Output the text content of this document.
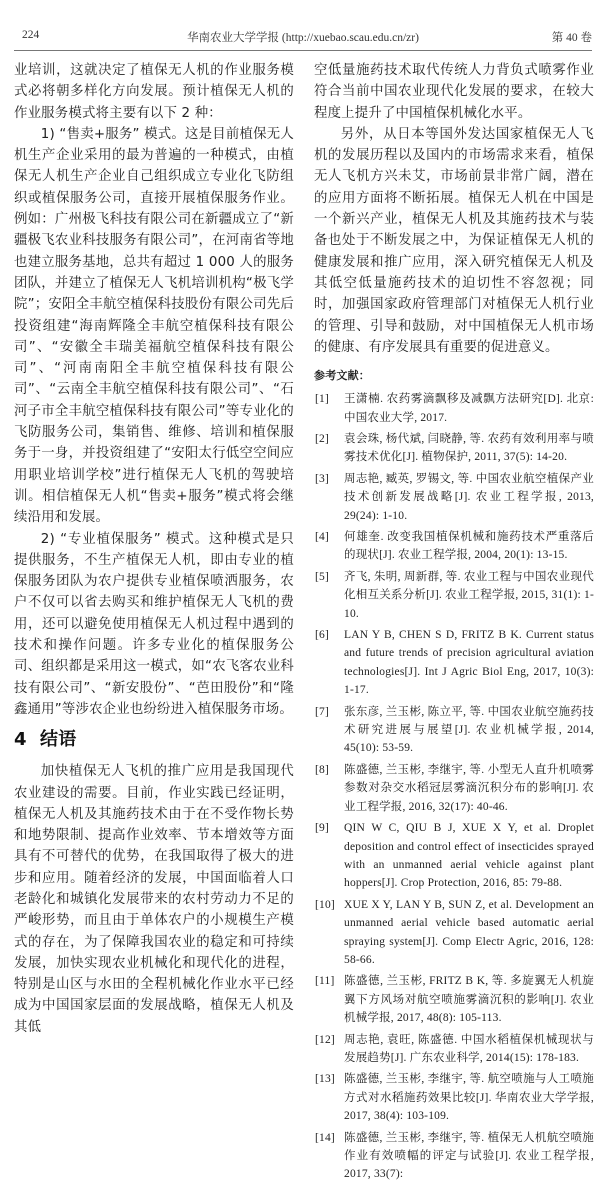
224	华南农业大学学报 (http://xuebao.scau.edu.cn/zr)	第 40 卷

业培训，这就决定了植保无人机的作业服务模式必将朝多样化方向发展。预计植保无人机的作业服务模式将主要有以下 2 种：

1) “售卖+服务” 模式。这是目前植保无人机生产企业采用的最为普遍的一种模式，由植保无人机生产企业自己组织成立专业化飞防组织或植保服务公司，直接开展植保服务作业。例如：广州极飞科技有限公司在新疆成立了“新疆极飞农业科技服务有限公司”，在河南省等地也建立服务基地，总共有超过 1 000 人的服务团队，并建立了植保无人飞机培训机构“极飞学院”；安阳全丰航空植保科技股份有限公司先后投资组建“海南辉隆全丰航空植保科技有限公司”、“安徽全丰瑞美福航空植保科技有限公司”、“河南南阳全丰航空植保科技有限公司”、“云南全丰航空植保科技有限公司”、“石河子市全丰航空植保科技有限公司”等专业化的飞防服务公司，集销售、维修、培训和植保服务于一身，并投资组建了“安阳太行低空空间应用职业培训学校”进行植保无人飞机的驾驶培训。相信植保无人机“售卖+服务”模式将会继续沿用和发展。

2) “专业植保服务” 模式。这种模式是只提供服务，不生产植保无人机，即由专业的植保服务团队为农户提供专业植保喷洒服务，农户不仅可以省去购买和维护植保无人飞机的费用，还可以避免使用植保无人机过程中遇到的技术和操作问题。许多专业化的植保服务公司、组织都是采用这一模式，如“农飞客农业科技有限公司”、“新安股份”、“芭田股份”和“隆鑫通用”等涉农企业也纷纷进入植保服务市场。

4 结语

加快植保无人飞机的推广应用是我国现代农业建设的需要。目前，作业实践已经证明，植保无人机及其施药技术由于在不受作物长势和地势限制、提高作业效率、节本增效等方面具有不可替代的优势，在我国取得了极大的进步和应用。随着经济的发展，中国面临着人口老龄化和城镇化发展带来的农村劳动力不足的严峻形势，而且由于单体农户的小规模生产模式的存在，为了保障我国农业的稳定和可持续发展，加快实现农业机械化和现代化的进程，特别是山区与水田的全程机械化作业水平已经成为中国国家层面的发展战略，植保无人机及其低

空低量施药技术取代传统人力背负式喷雾作业符合当前中国农业现代化发展的要求，在较大程度上提升了中国植保机械化水平。

另外，从日本等国外发达国家植保无人飞机的发展历程以及国内的市场需求来看，植保无人飞机方兴未艾，市场前景非常广阔，潜在的应用方面将不断拓展。植保无人机在中国是一个新兴产业，植保无人机及其施药技术与装备也处于不断发展之中，为保证植保无人机的健康发展和推广应用，深入研究植保无人机及其低空低量施药技术的迫切性不容忽视；同时，加强国家政府管理部门对植保无人机行业的管理、引导和鼓励，对中国植保无人机市场的健康、有序发展具有重要的促进意义。

参考文献：
[1] 王潇楠. 农药雾滴飘移及减飘方法研究[D]. 北京: 中国农业大学, 2017.
[2] 袁会珠, 杨代斌, 闫晓静, 等. 农药有效利用率与喷雾技术优化[J]. 植物保护, 2011, 37(5): 14-20.
[3] 周志艳, 臧英, 罗锡文, 等. 中国农业航空植保产业技术创新发展战略[J]. 农业工程学报, 2013, 29(24): 1-10.
[4] 何雄奎. 改变我国植保机械和施药技术严重落后的现状[J]. 农业工程学报, 2004, 20(1): 13-15.
[5] 齐飞, 朱明, 周新群, 等. 农业工程与中国农业现代化相互关系分析[J]. 农业工程学报, 2015, 31(1): 1-10.
[6] LAN Y B, CHEN S D, FRITZ B K. Current status and future trends of precision agricultural aviation technologies[J]. Int J Agric Biol Eng, 2017, 10(3): 1-17.
[7] 张东彦, 兰玉彬, 陈立平, 等. 中国农业航空施药技术研究进展与展望[J]. 农业机械学报, 2014, 45(10): 53-59.
[8] 陈盛德, 兰玉彬, 李继宇, 等. 小型无人直升机喷雾参数对杂交水稻冠层雾滴沉积分布的影响[J]. 农业工程学报, 2016, 32(17): 40-46.
[9] QIN W C, QIU B J, XUE X Y, et al. Droplet deposition and control effect of insecticides sprayed with an unmanned aerial vehicle against plant hoppers[J]. Crop Protection, 2016, 85: 79-88.
[10] XUE X Y, LAN Y B, SUN Z, et al. Development an unmanned aerial vehicle based automatic aerial spraying system[J]. Comp Electr Agric, 2016, 128: 58-66.
[11] 陈盛德, 兰玉彬, FRITZ B K, 等. 多旋翼无人机旋翼下方风场对航空喷施雾滴沉积的影响[J]. 农业机械学报, 2017, 48(8): 105-113.
[12] 周志艳, 袁旺, 陈盛德. 中国水稻植保机械现状与发展趋势[J]. 广东农业科学, 2014(15): 178-183.
[13] 陈盛德, 兰玉彬, 李继宇, 等. 航空喷施与人工喷施方式对水稻施药效果比较[J]. 华南农业大学学报, 2017, 38(4): 103-109.
[14] 陈盛德, 兰玉彬, 李继宇, 等. 植保无人机航空喷施作业有效喷幅的评定与试验[J]. 农业工程学报, 2017, 33(7):
